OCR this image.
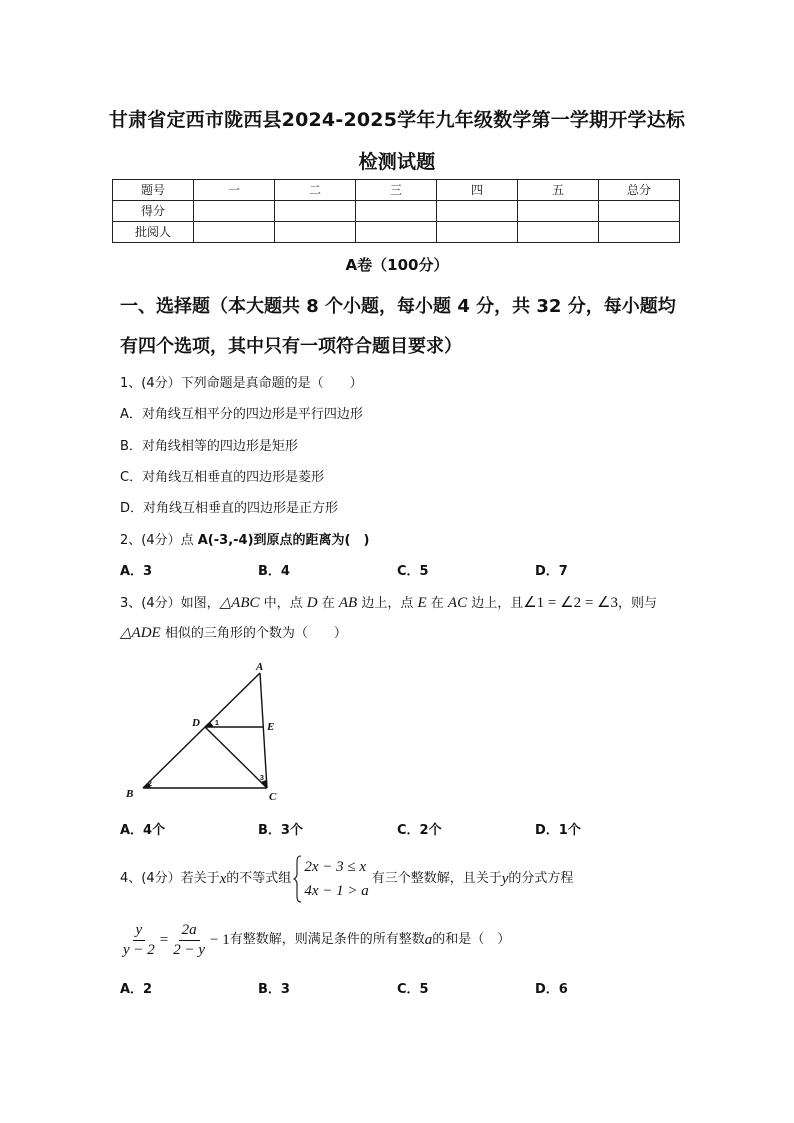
甘肃省定西市陇西县2024-2025学年九年级数学第一学期开学达标
检测试题
题号	一	二	三	四	五	总分
得分						
批阅人						
A卷（100分）
一、选择题（本大题共 8 个小题，每小题 4 分，共 32 分，每小题均
有四个选项，其中只有一项符合题目要求）
1、(4分）下列命题是真命题的是（　　）
A．对角线互相平分的四边形是平行四边形
B．对角线相等的四边形是矩形
C．对角线互相垂直的四边形是菱形
D．对角线互相垂直的四边形是正方形
2、(4分）点 A(-3,-4)到原点的距离为(　)
A．3	B．4	C．5	D．7
3、(4分）如图，△ABC 中，点 D 在 AB 边上，点 E 在 AC 边上，且∠1 = ∠2 = ∠3，则与
△ADE 相似的三角形的个数为（　　）
A
B	C
D	E
1
2
3
A．4个	B．3个	C．2个	D．1个
4、(4分）若关于 x 的不等式组
2x − 3 ≤ x
4x − 1 > a
有三个整数解，且关于 y 的分式方程
$\frac{y}{y - 2} = \frac{2a}{2 - y} - 1$ 有整数解，则满足条件的所有整数 a 的和是（　）
A．2	B．3	C．5	D．6
